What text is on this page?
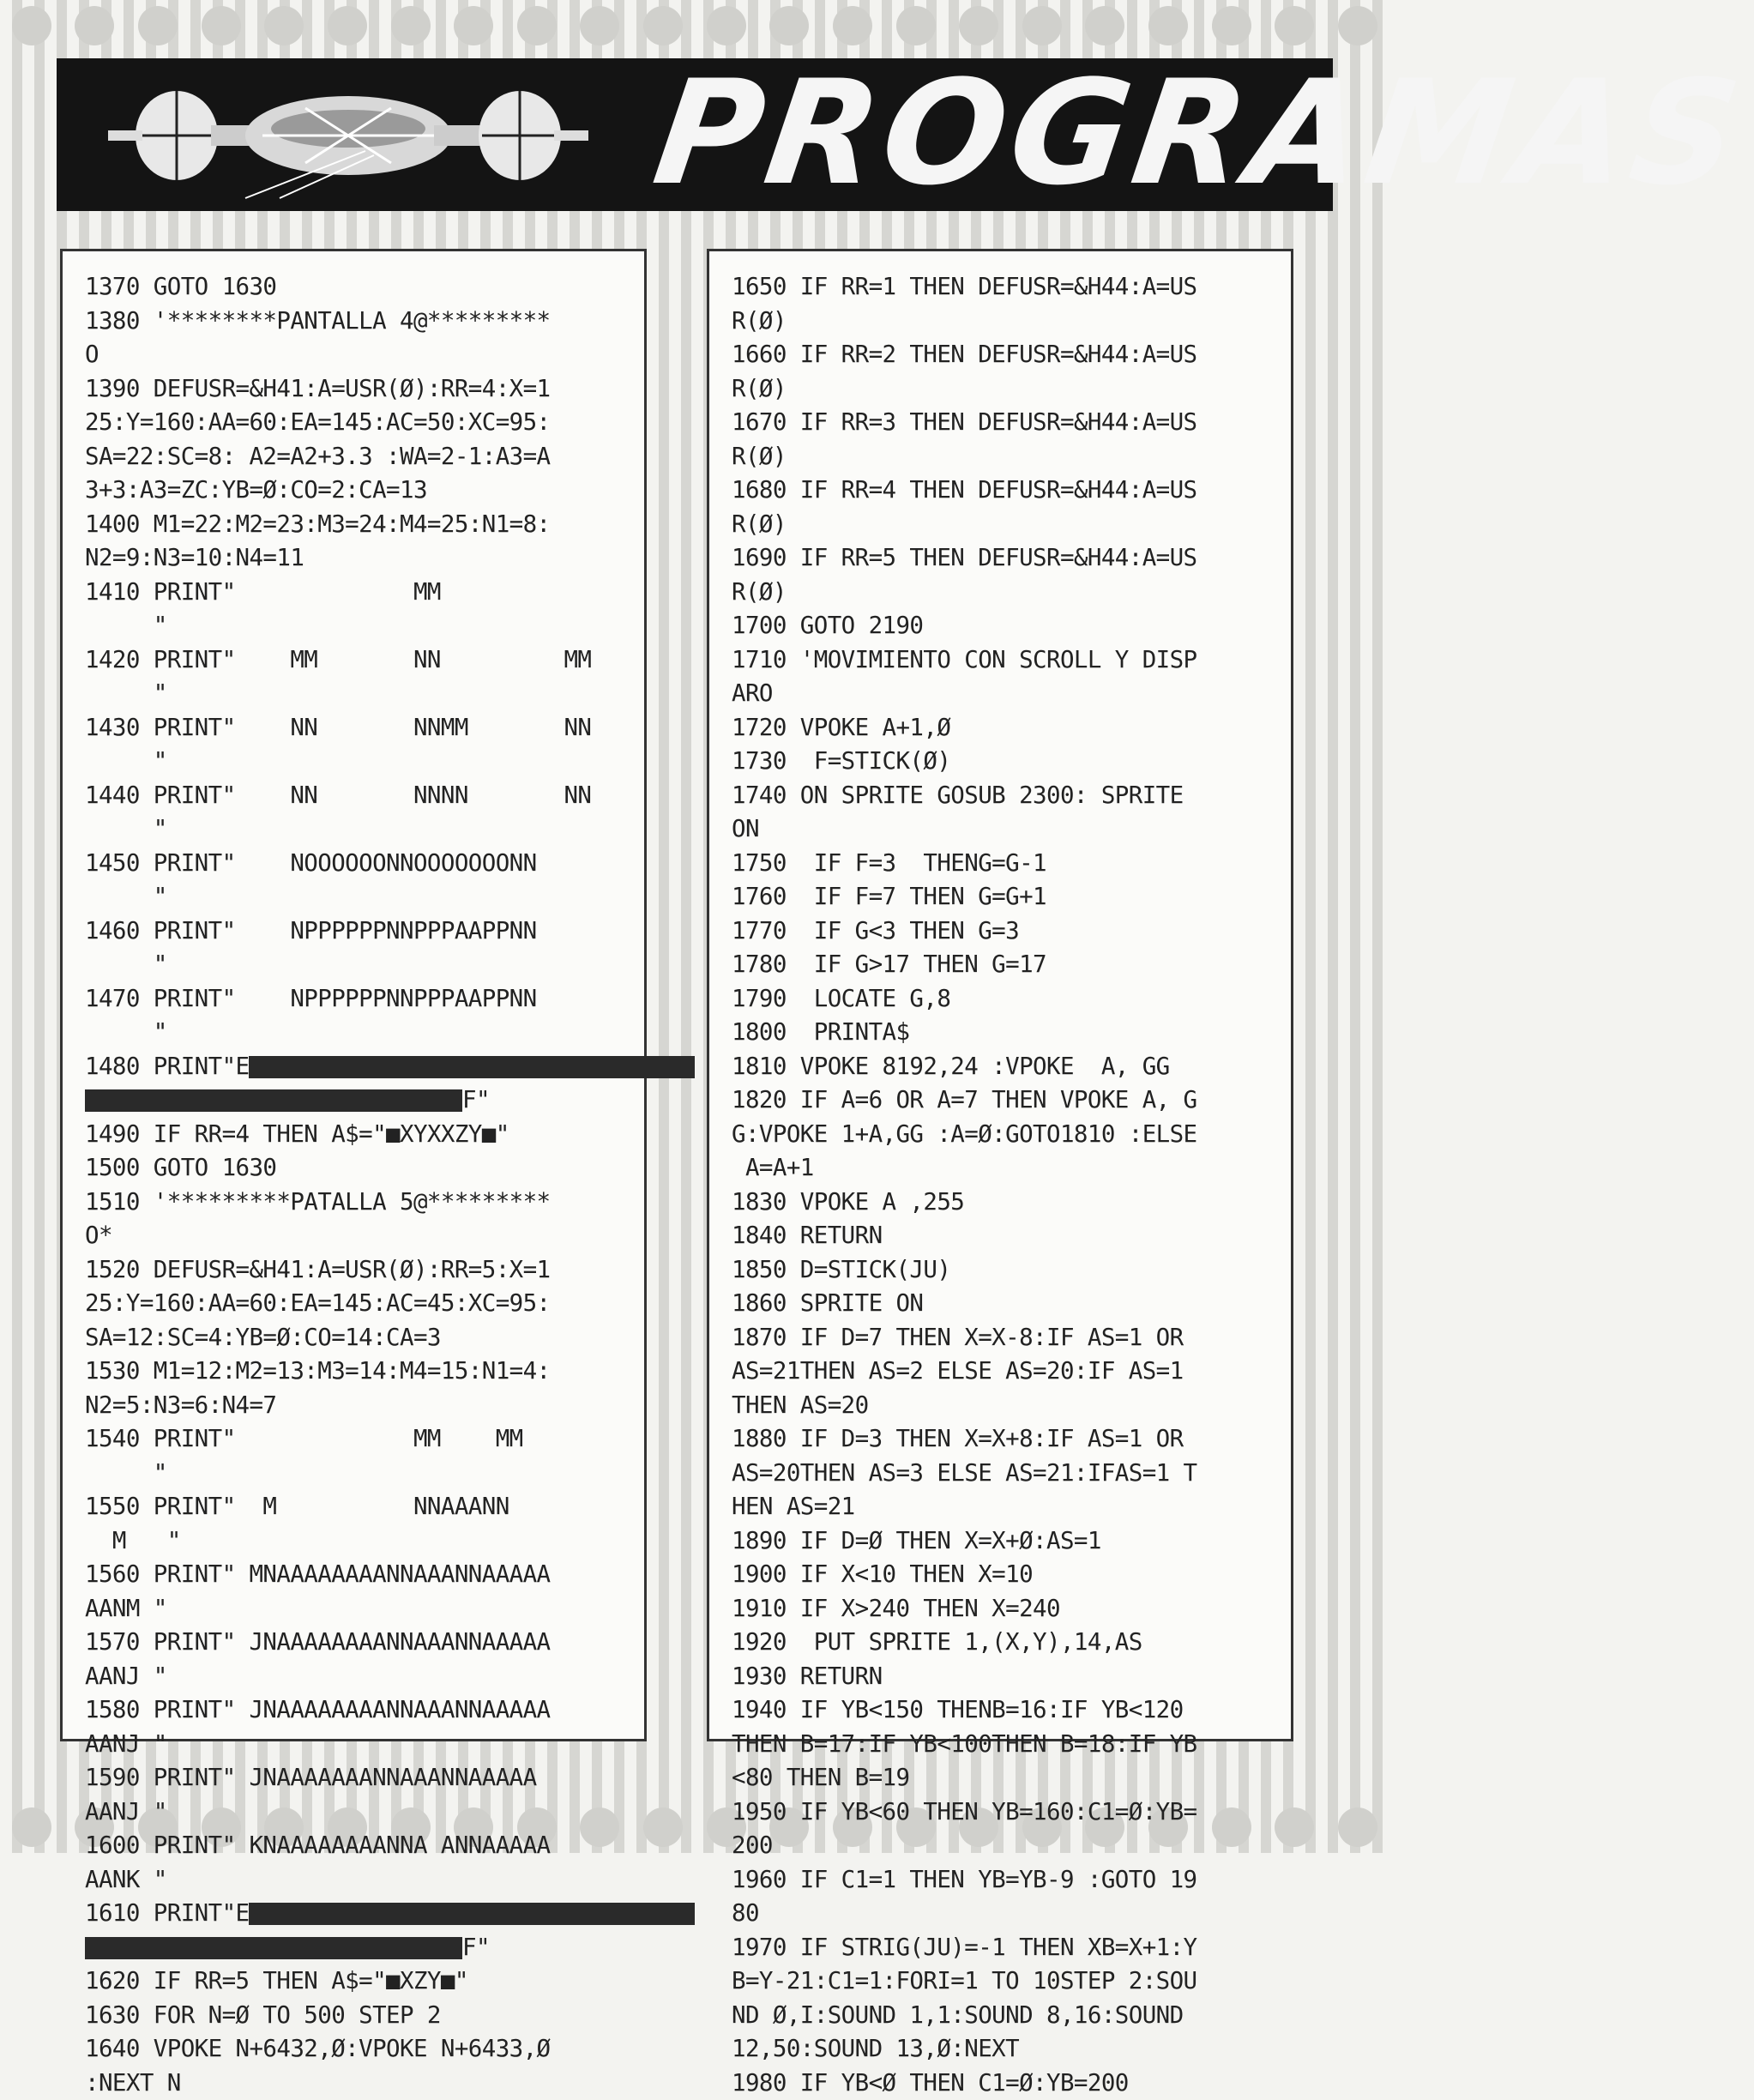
PROGRAMAS
1370 GOTO 1630
1380 '********PANTALLA 4@*********
O
1390 DEFUSR=&H41:A=USR(Ø):RR=4:X=1
25:Y=160:AA=60:EA=145:AC=50:XC=95:
SA=22:SC=8: A2=A2+3.3 :WA=2-1:A3=A
3+3:A3=ZC:YB=Ø:CO=2:CA=13
1400 M1=22:M2=23:M3=24:M4=25:N1=8:
N2=9:N3=10:N4=11
1410 PRINT"             MM
"
1420 PRINT"    MM       NN         MM
"
1430 PRINT"    NN       NNMM       NN
"
1440 PRINT"    NN       NNNN       NN
"
1450 PRINT"    NOOOOOONNOOOOOOONN
"
1460 PRINT"    NPPPPPPNNPPPAAPPNN
"
1470 PRINT"    NPPPPPPNNPPPAAPPNN
"
1480 PRINT"E
F"
1490 IF RR=4 THEN A$="■XYXXZY■"
1500 GOTO 1630
1510 '*********PATALLA 5@*********
O*
1520 DEFUSR=&H41:A=USR(Ø):RR=5:X=1
25:Y=160:AA=60:EA=145:AC=45:XC=95:
SA=12:SC=4:YB=Ø:CO=14:CA=3
1530 M1=12:M2=13:M3=14:M4=15:N1=4:
N2=5:N3=6:N4=7
1540 PRINT"             MM    MM
"
1550 PRINT"  M          NNAAANN
M   "
1560 PRINT" MNAAAAAAAANNAAANNAAAAA
AANM "
1570 PRINT" JNAAAAAAAANNAAANNAAAAA
AANJ "
1580 PRINT" JNAAAAAAAANNAAANNAAAAA
AANJ "
1590 PRINT" JNAAAAAAANNAAANNAAAAA
AANJ "
1600 PRINT" KNAAAAAAAANNA ANNAAAAA
AANK "
1610 PRINT"E
F"
1620 IF RR=5 THEN A$="■XZY■"
1630 FOR N=Ø TO 500 STEP 2
1640 VPOKE N+6432,Ø:VPOKE N+6433,Ø
:NEXT N
1650 IF RR=1 THEN DEFUSR=&H44:A=US
R(Ø)
1660 IF RR=2 THEN DEFUSR=&H44:A=US
R(Ø)
1670 IF RR=3 THEN DEFUSR=&H44:A=US
R(Ø)
1680 IF RR=4 THEN DEFUSR=&H44:A=US
R(Ø)
1690 IF RR=5 THEN DEFUSR=&H44:A=US
R(Ø)
1700 GOTO 2190
1710 'MOVIMIENTO CON SCROLL Y DISP
ARO
1720 VPOKE A+1,Ø
1730  F=STICK(Ø)
1740 ON SPRITE GOSUB 2300: SPRITE
ON
1750  IF F=3  THENG=G-1
1760  IF F=7 THEN G=G+1
1770  IF G<3 THEN G=3
1780  IF G>17 THEN G=17
1790  LOCATE G,8
1800  PRINTA$
1810 VPOKE 8192,24 :VPOKE  A, GG
1820 IF A=6 OR A=7 THEN VPOKE A, G
G:VPOKE 1+A,GG :A=Ø:GOTO1810 :ELSE
A=A+1
1830 VPOKE A ,255
1840 RETURN
1850 D=STICK(JU)
1860 SPRITE ON
1870 IF D=7 THEN X=X-8:IF AS=1 OR
AS=21THEN AS=2 ELSE AS=20:IF AS=1
THEN AS=20
1880 IF D=3 THEN X=X+8:IF AS=1 OR
AS=20THEN AS=3 ELSE AS=21:IFAS=1 T
HEN AS=21
1890 IF D=Ø THEN X=X+Ø:AS=1
1900 IF X<10 THEN X=10
1910 IF X>240 THEN X=240
1920  PUT SPRITE 1,(X,Y),14,AS
1930 RETURN
1940 IF YB<150 THENB=16:IF YB<120
THEN B=17:IF YB<100THEN B=18:IF YB
<80 THEN B=19
1950 IF YB<60 THEN YB=160:C1=Ø:YB=
200
1960 IF C1=1 THEN YB=YB-9 :GOTO 19
80
1970 IF STRIG(JU)=-1 THEN XB=X+1:Y
B=Y-21:C1=1:FORI=1 TO 10STEP 2:SOU
ND Ø,I:SOUND 1,1:SOUND 8,16:SOUND
12,50:SOUND 13,Ø:NEXT
1980 IF YB<Ø THEN C1=Ø:YB=200
